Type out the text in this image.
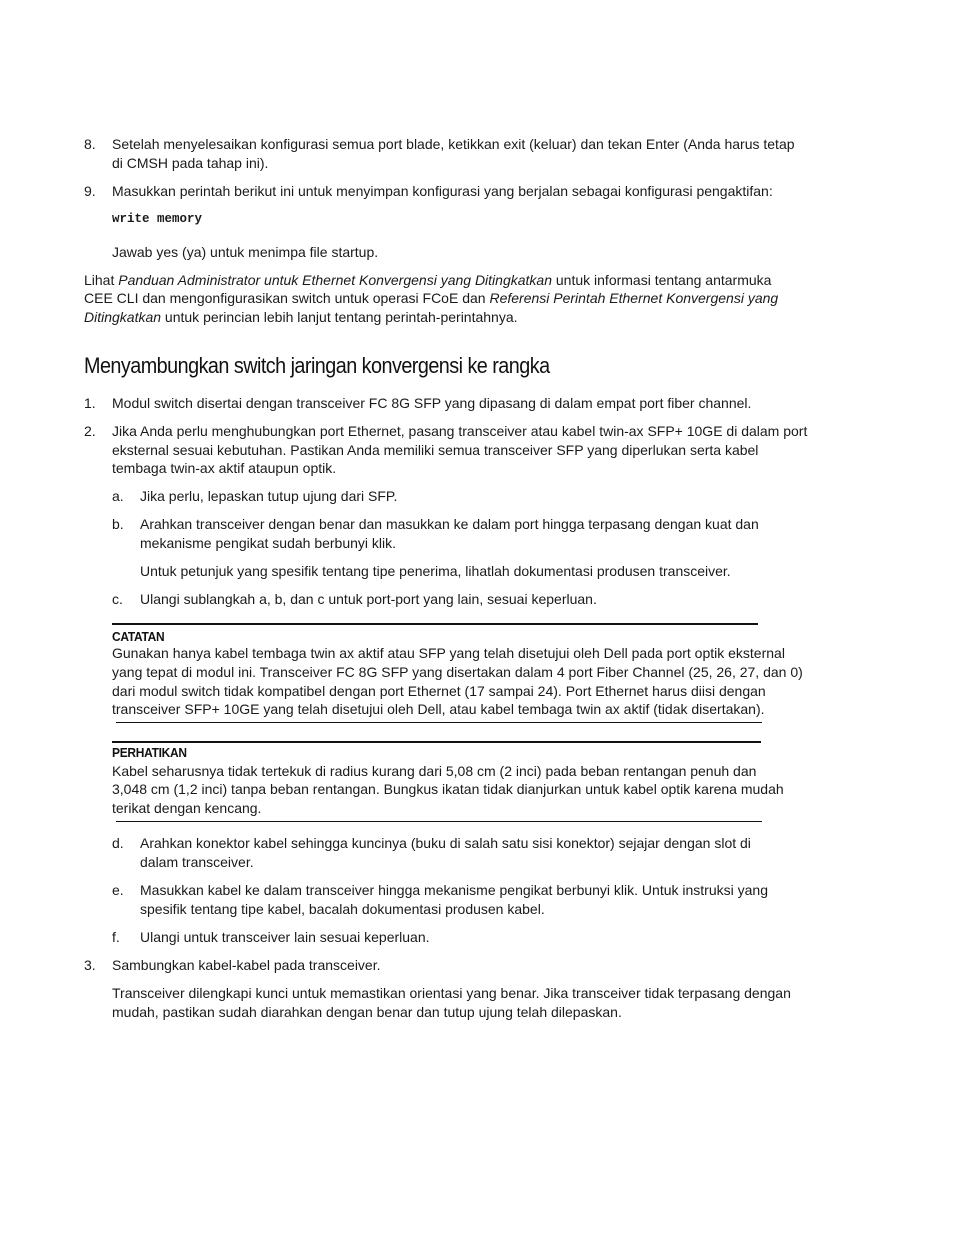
8.	Setelah menyelesaikan konfigurasi semua port blade, ketikkan exit (keluar) dan tekan Enter (Anda harus tetap
di CMSH pada tahap ini).
9.	Masukkan perintah berikut ini untuk menyimpan konfigurasi yang berjalan sebagai konfigurasi pengaktifan:
write memory
Jawab yes (ya) untuk menimpa file startup.
Lihat Panduan Administrator untuk Ethernet Konvergensi yang Ditingkatkan untuk informasi tentang antarmuka
CEE CLI dan mengonfigurasikan switch untuk operasi FCoE dan Referensi Perintah Ethernet Konvergensi yang
Ditingkatkan untuk perincian lebih lanjut tentang perintah-perintahnya.
Menyambungkan switch jaringan konvergensi ke rangka
1.	Modul switch disertai dengan transceiver FC 8G SFP yang dipasang di dalam empat port fiber channel.
2.	Jika Anda perlu menghubungkan port Ethernet, pasang transceiver atau kabel twin-ax SFP+ 10GE di dalam port
eksternal sesuai kebutuhan. Pastikan Anda memiliki semua transceiver SFP yang diperlukan serta kabel
tembaga twin-ax aktif ataupun optik.
a.	Jika perlu, lepaskan tutup ujung dari SFP.
b.	Arahkan transceiver dengan benar dan masukkan ke dalam port hingga terpasang dengan kuat dan
mekanisme pengikat sudah berbunyi klik.
Untuk petunjuk yang spesifik tentang tipe penerima, lihatlah dokumentasi produsen transceiver.
c.	Ulangi sublangkah a, b, dan c untuk port-port yang lain, sesuai keperluan.
CATATAN
Gunakan hanya kabel tembaga twin ax aktif atau SFP yang telah disetujui oleh Dell pada port optik eksternal
yang tepat di modul ini. Transceiver FC 8G SFP yang disertakan dalam 4 port Fiber Channel (25, 26, 27, dan 0)
dari modul switch tidak kompatibel dengan port Ethernet (17 sampai 24). Port Ethernet harus diisi dengan
transceiver SFP+ 10GE yang telah disetujui oleh Dell, atau kabel tembaga twin ax aktif (tidak disertakan).
PERHATIKAN
Kabel seharusnya tidak tertekuk di radius kurang dari 5,08 cm (2 inci) pada beban rentangan penuh dan
3,048 cm (1,2 inci) tanpa beban rentangan. Bungkus ikatan tidak dianjurkan untuk kabel optik karena mudah
terikat dengan kencang.
d.	Arahkan konektor kabel sehingga kuncinya (buku di salah satu sisi konektor) sejajar dengan slot di
dalam transceiver.
e.	Masukkan kabel ke dalam transceiver hingga mekanisme pengikat berbunyi klik. Untuk instruksi yang
spesifik tentang tipe kabel, bacalah dokumentasi produsen kabel.
f.	Ulangi untuk transceiver lain sesuai keperluan.
3.	Sambungkan kabel-kabel pada transceiver.
Transceiver dilengkapi kunci untuk memastikan orientasi yang benar. Jika transceiver tidak terpasang dengan
mudah, pastikan sudah diarahkan dengan benar dan tutup ujung telah dilepaskan.
